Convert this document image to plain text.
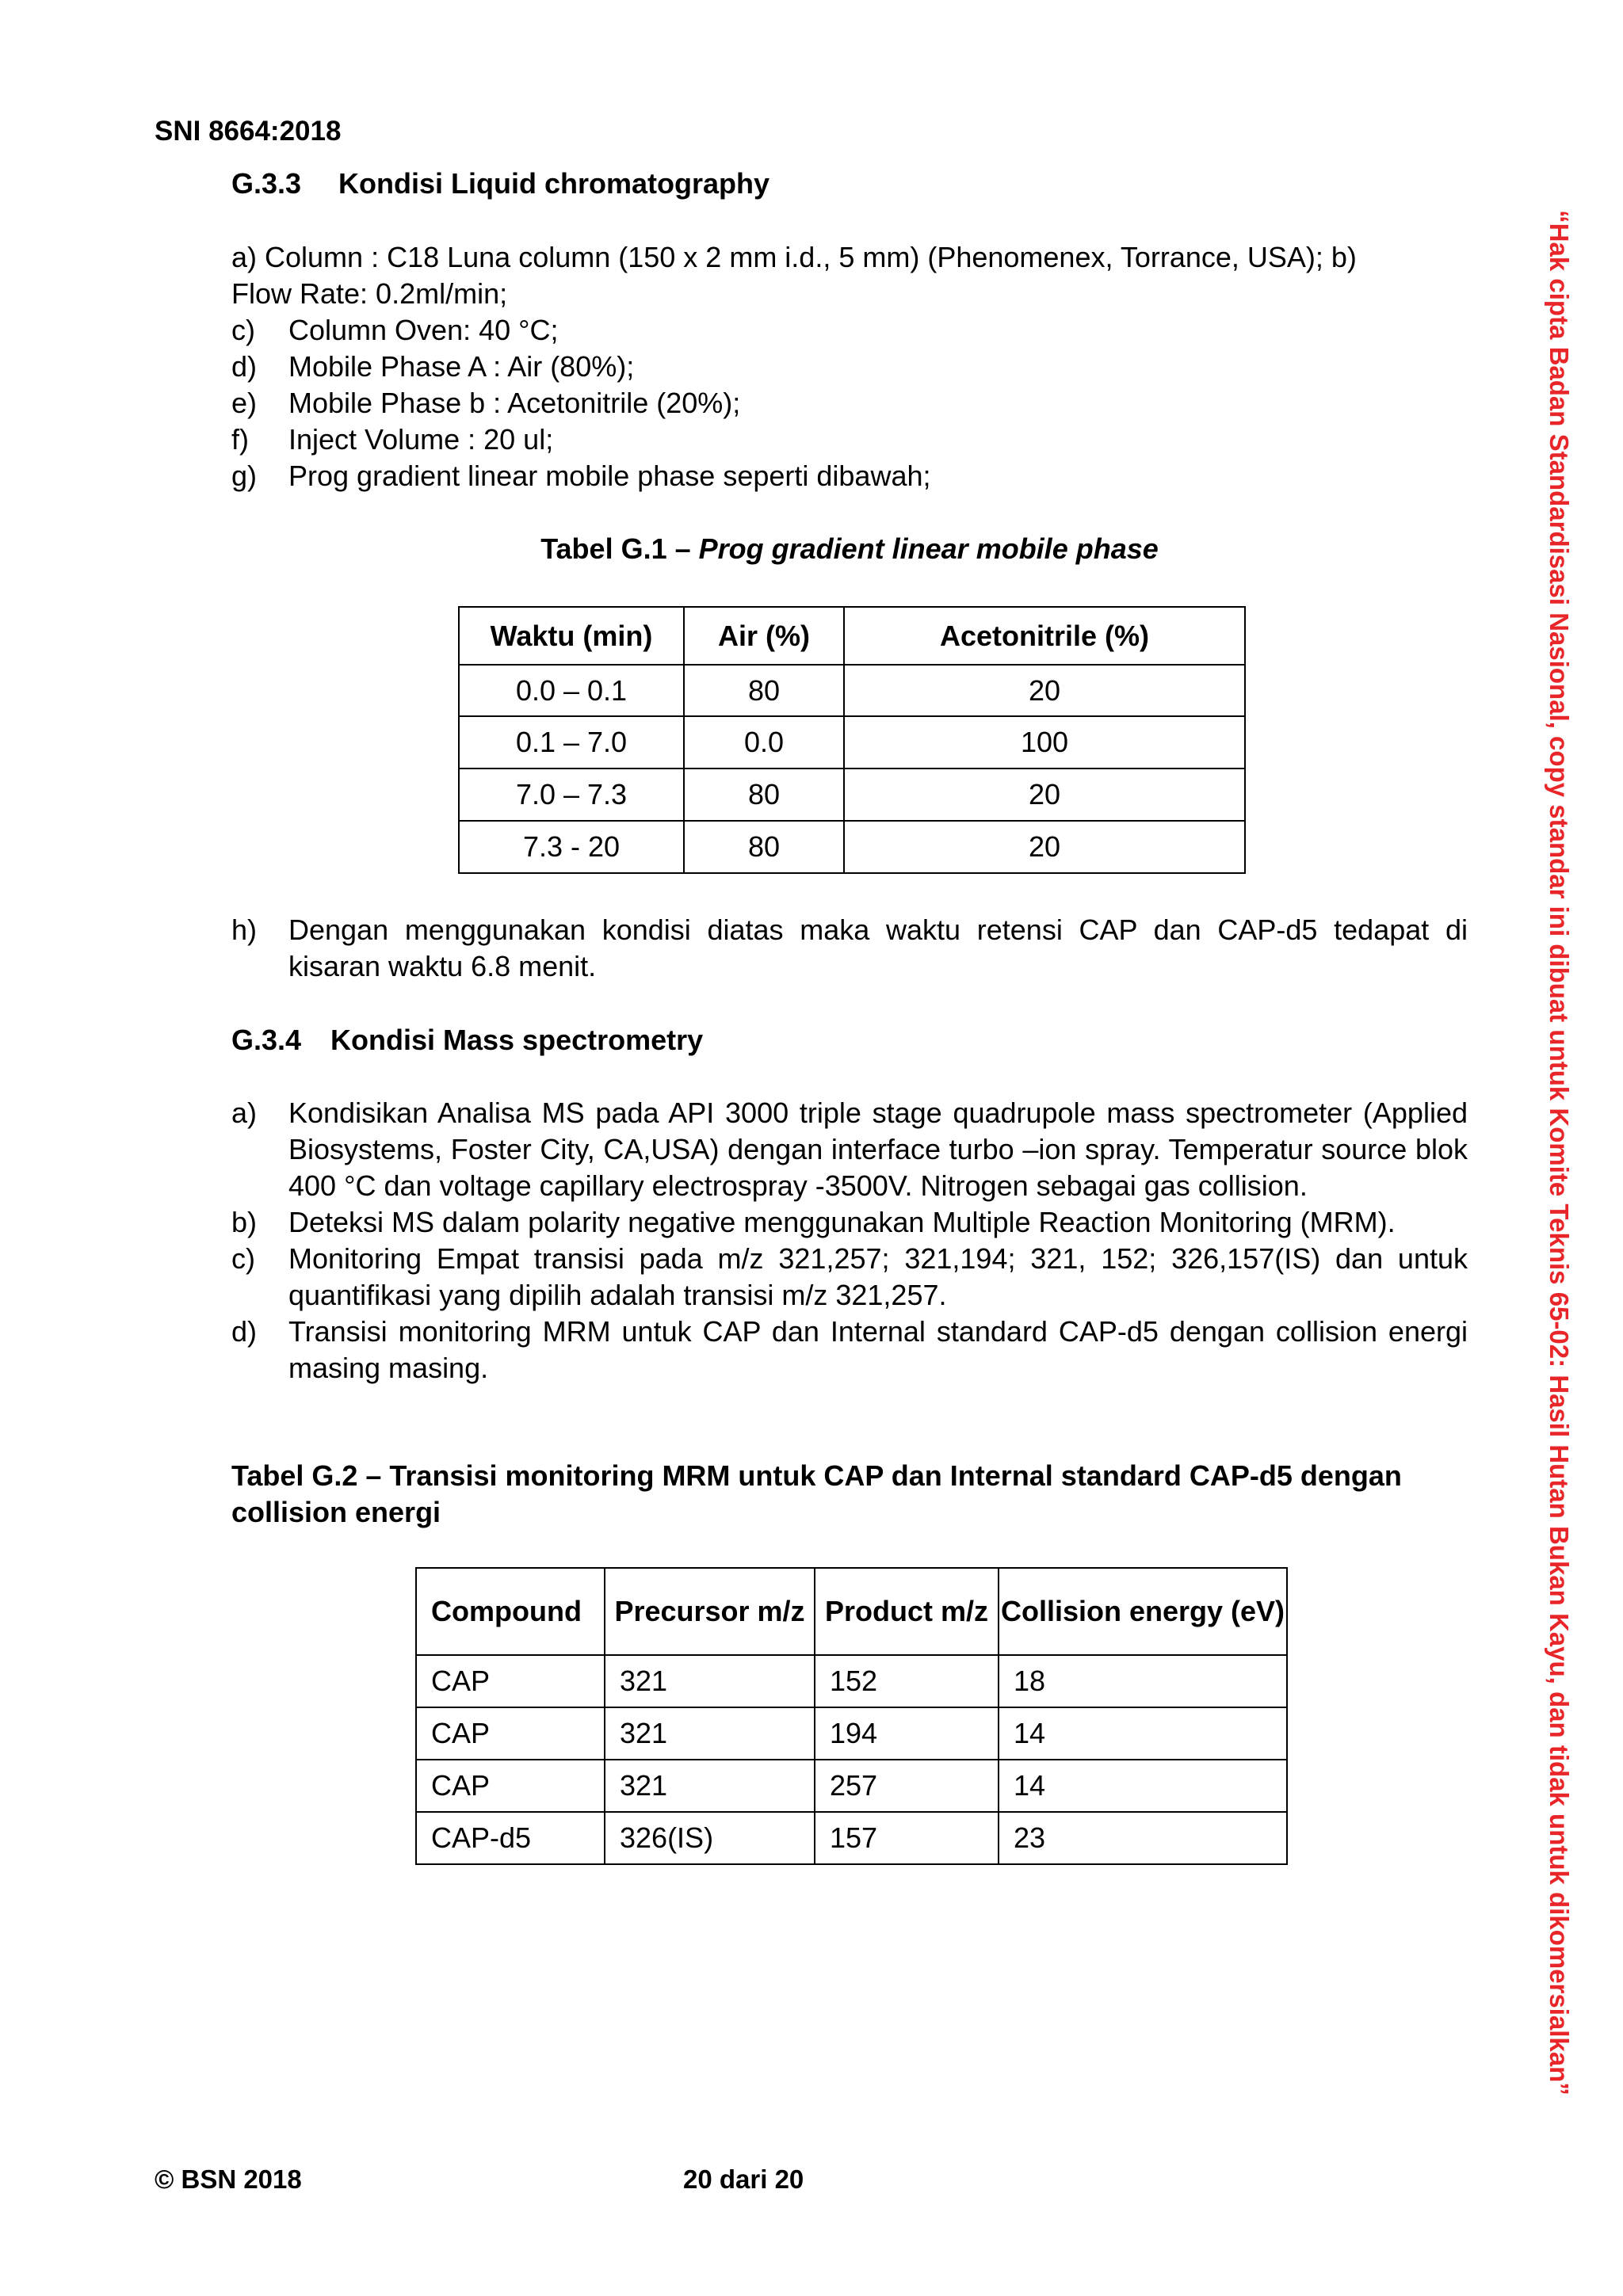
SNI 8664:2018
G.3.3 Kondisi Liquid chromatography
a) Column : C18 Luna column (150 x 2 mm i.d., 5 mm) (Phenomenex, Torrance, USA); b)
Flow Rate: 0.2ml/min;
c) Column Oven: 40 °C;
d) Mobile Phase A : Air (80%);
e) Mobile Phase b : Acetonitrile (20%);
f) Inject Volume : 20 ul;
g) Prog gradient linear mobile phase seperti dibawah;
Tabel G.1 – Prog gradient linear mobile phase
Waktu (min)	Air (%)	Acetonitrile (%)
0.0 – 0.1	80	20
0.1 – 7.0	0.0	100
7.0 – 7.3	80	20
7.3 - 20	80	20
h) Dengan menggunakan kondisi diatas maka waktu retensi CAP dan CAP-d5 tedapat di kisaran waktu 6.8 menit.
G.3.4 Kondisi Mass spectrometry
a) Kondisikan Analisa MS pada API 3000 triple stage quadrupole mass spectrometer (Applied Biosystems, Foster City, CA,USA) dengan interface turbo –ion spray. Temperatur source blok 400 °C dan voltage capillary electrospray -3500V. Nitrogen sebagai gas collision.
b) Deteksi MS dalam polarity negative menggunakan Multiple Reaction Monitoring (MRM).
c) Monitoring Empat transisi pada m/z 321,257; 321,194; 321, 152; 326,157(IS) dan untuk quantifikasi yang dipilih adalah transisi m/z 321,257.
d) Transisi monitoring MRM untuk CAP dan Internal standard CAP-d5 dengan collision energi masing masing.
Tabel G.2 – Transisi monitoring MRM untuk CAP dan Internal standard CAP-d5 dengan collision energi
Compound	Precursor m/z	Product m/z	Collision energy (eV)
CAP	321	152	18
CAP	321	194	14
CAP	321	257	14
CAP-d5	326(IS)	157	23	“Hak cipta Badan Standardisasi Nasional, copy standar ini dibuat untuk Komite Teknis 65-02: Hasil Hutan Bukan Kayu, dan tidak untuk dikomersialkan”
© BSN 2018	20 dari 20
